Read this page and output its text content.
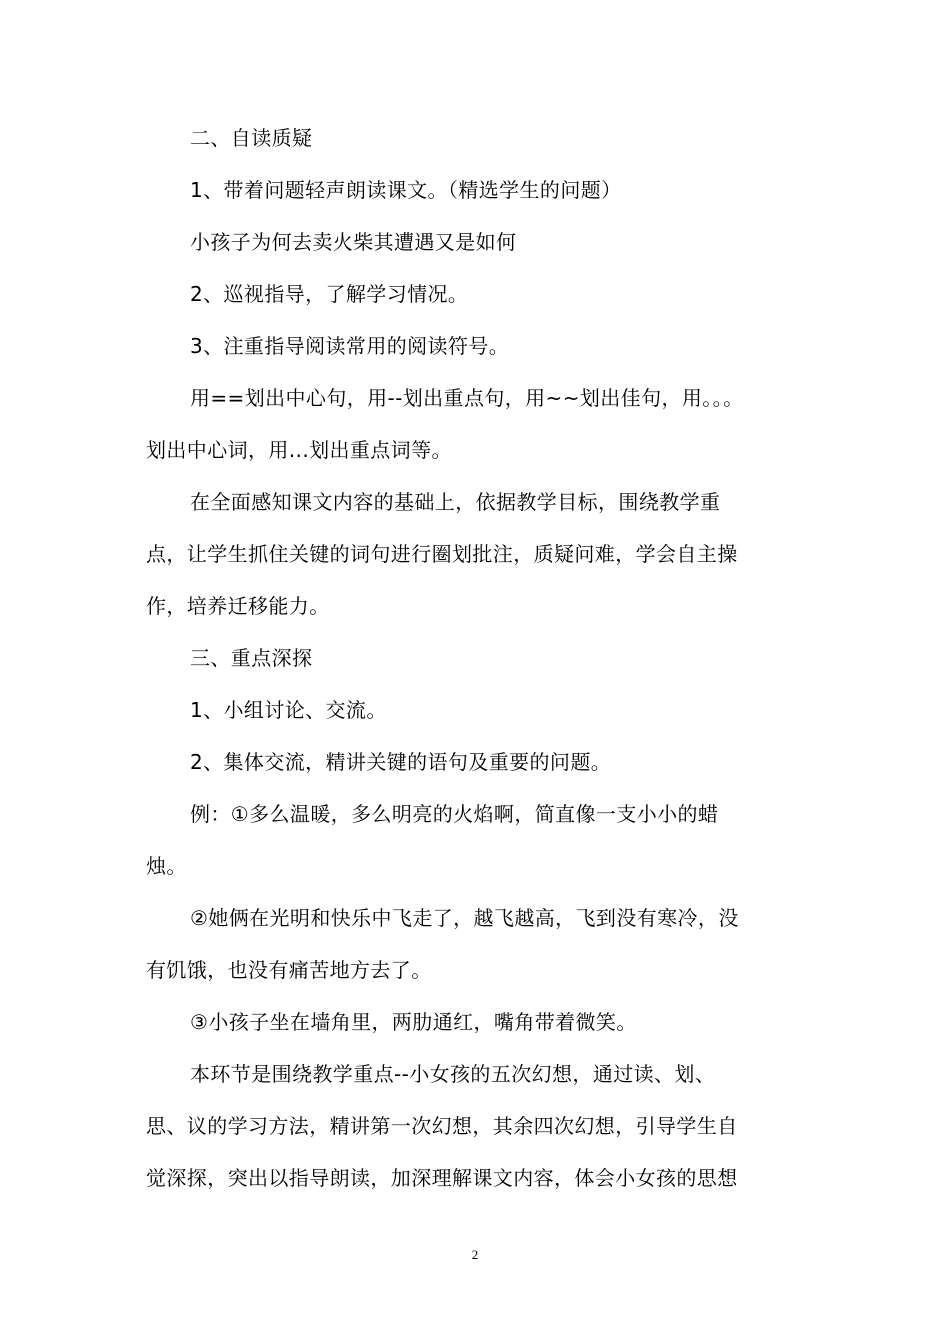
二、自读质疑
1、带着问题轻声朗读课文。（精选学生的问题）
小孩子为何去卖火柴其遭遇又是如何
2、巡视指导，了解学习情况。
3、注重指导阅读常用的阅读符号。
用==划出中心句，用--划出重点句，用~~划出佳句，用。。。
划出中心词，用...划出重点词等。
在全面感知课文内容的基础上，依据教学目标，围绕教学重
点，让学生抓住关键的词句进行圈划批注，质疑问难，学会自主操
作，培养迁移能力。
三、重点深探
1、小组讨论、交流。
2、集体交流，精讲关键的语句及重要的问题。
例：①多么温暖，多么明亮的火焰啊，简直像一支小小的蜡
烛。
②她俩在光明和快乐中飞走了，越飞越高，飞到没有寒冷，没
有饥饿，也没有痛苦地方去了。
③小孩子坐在墙角里，两肋通红，嘴角带着微笑。
本环节是围绕教学重点--小女孩的五次幻想，通过读、划、
思、议的学习方法，精讲第一次幻想，其余四次幻想，引导学生自
觉深探，突出以指导朗读，加深理解课文内容，体会小女孩的思想
2
